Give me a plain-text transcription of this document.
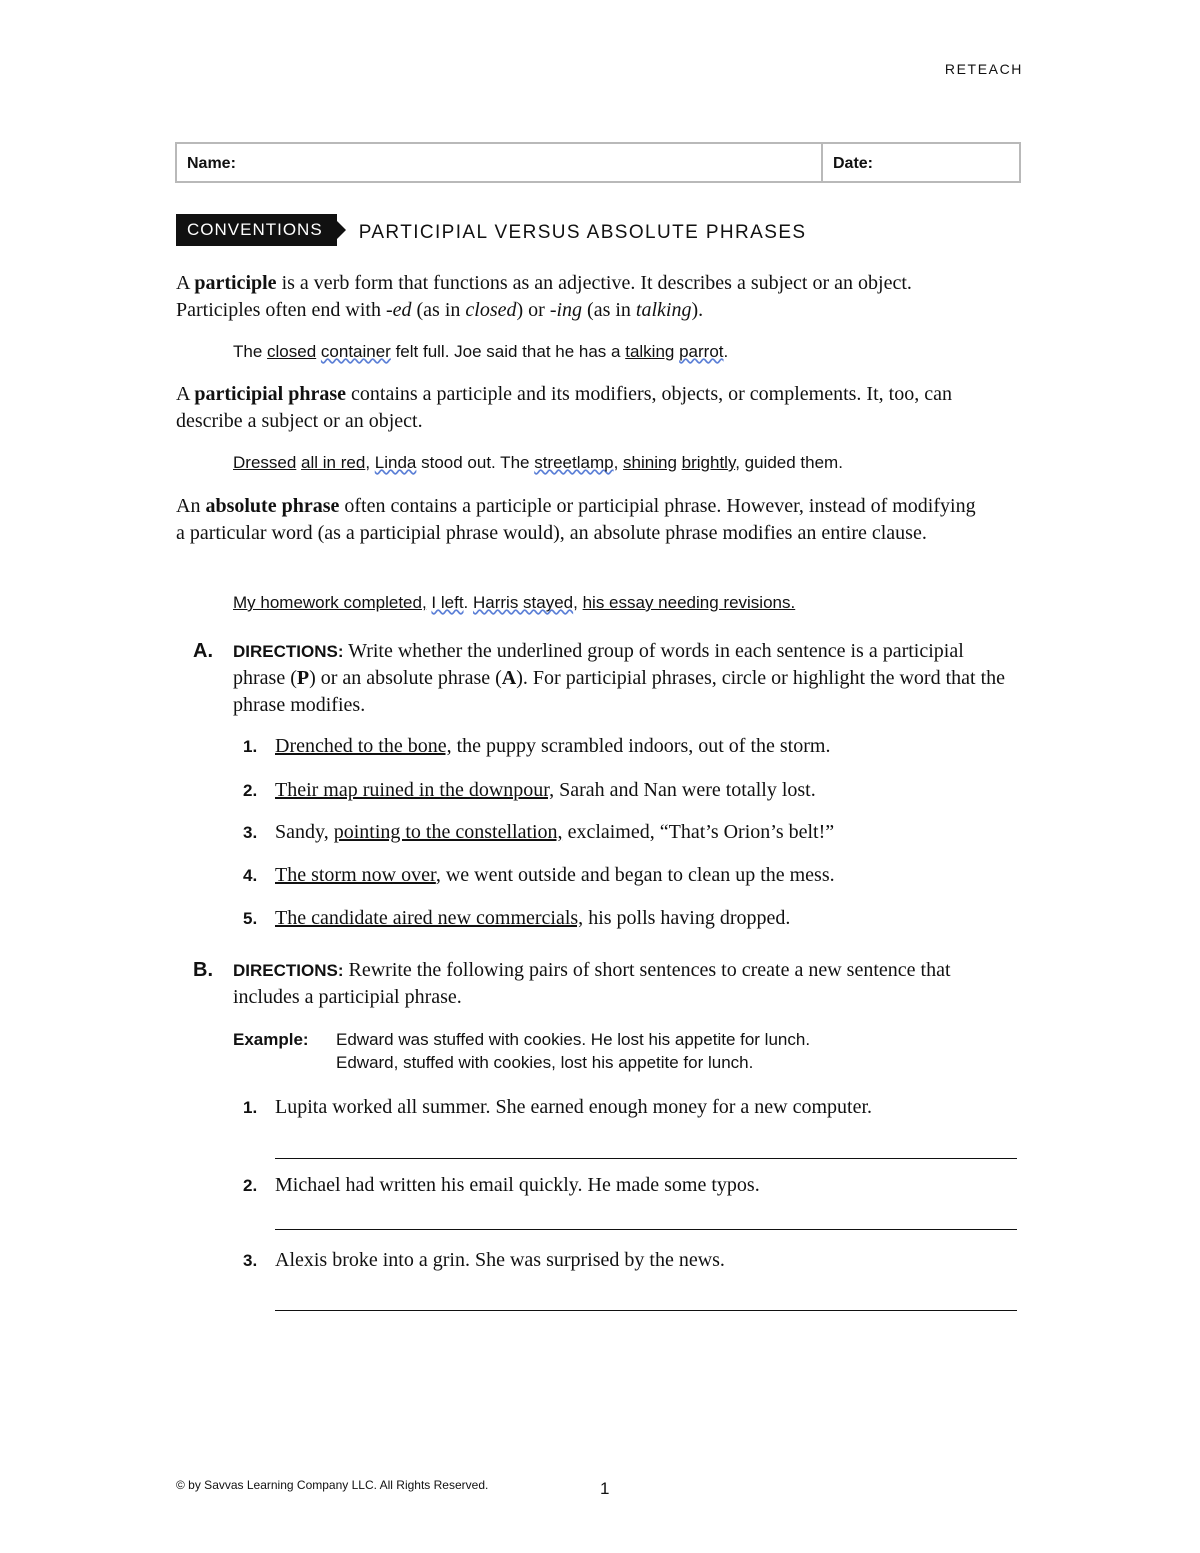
RETEACH
Name:	Date:
CONVENTIONS	PARTICIPIAL VERSUS ABSOLUTE PHRASES
A participle is a verb form that functions as an adjective. It describes a subject or an object. Participles often end with -ed (as in closed) or -ing (as in talking).
The closed container felt full. Joe said that he has a talking parrot.
A participial phrase contains a participle and its modifiers, objects, or complements. It, too, can describe a subject or an object.
Dressed all in red, Linda stood out. The streetlamp, shining brightly, guided them.
An absolute phrase often contains a participle or participial phrase. However, instead of modifying a particular word (as a participial phrase would), an absolute phrase modifies an entire clause.
My homework completed, I left. Harris stayed, his essay needing revisions.
A. DIRECTIONS: Write whether the underlined group of words in each sentence is a participial phrase (P) or an absolute phrase (A). For participial phrases, circle or highlight the word that the phrase modifies.
1. Drenched to the bone, the puppy scrambled indoors, out of the storm.
2. Their map ruined in the downpour, Sarah and Nan were totally lost.
3. Sandy, pointing to the constellation, exclaimed, “That’s Orion’s belt!”
4. The storm now over, we went outside and began to clean up the mess.
5. The candidate aired new commercials, his polls having dropped.
B. DIRECTIONS: Rewrite the following pairs of short sentences to create a new sentence that includes a participial phrase.
Example: Edward was stuffed with cookies. He lost his appetite for lunch.
Edward, stuffed with cookies, lost his appetite for lunch.
1. Lupita worked all summer. She earned enough money for a new computer.
2. Michael had written his email quickly. He made some typos.
3. Alexis broke into a grin. She was surprised by the news.
© by Savvas Learning Company LLC. All Rights Reserved.	1
